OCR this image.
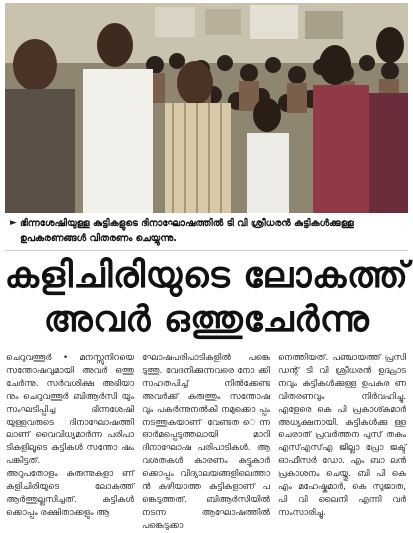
► ഭിന്നശേഷിയുള്ള കുട്ടികളുടെ ദിനാഘോഷത്തിൽ ടി വി ശ്രീധരൻ കുട്ടികൾക്കുള്ള
ഉപകരണങ്ങൾ വിതരണം ചെയ്യുന്നു.
കളിചിരിയുടെ ലോകത്ത്
അവർ ഒത്തുചേർന്നു
ചെറുവത്തൂർ • മനസ്സുനിറയെ സന്തോഷവുമായി അവർ ഒത്തു ചേർന്നു. സർവശിക്ഷ അഭിയാ നും ചെറുവത്തൂർ ബിആർസി യും സംഘടിപ്പിച്ച ഭിന്നശേഷി യുള്ളവരുടെ ദിനാഘോഷത്തി ലാണ് വൈവിധ്യമാർന്ന പരിപാ ടികളിലൂടെ കുട്ടികൾ സന്തോ ഷം പങ്കിട്ടത്.
അറുപതോളം കുരുന്നുകളാ ണ് കളിചിരിയുടെ ലോകത്ത് ആർത്തുല്ലസിച്ചത്. കുട്ടികൾ ക്കൊപ്പം രക്ഷിതാക്കളും ആ
ഘോഷപരിപാടികളിൽ പങ്കെ ടുത്തു. വേദനിക്കുന്നവരെ നോ ക്കി സഹതപിച്ച് നിൽക്കേണ്ട അവർക്ക് കരുത്തും സന്തോഷ വും പകർന്നുനൽകി നമുക്കൊ പ്പം നടത്തുകയാണ് വേണ്ടത െന്ന ഓർമപ്പെടുത്തലായി മാറി ദിനാഘോഷ പരിപാടികൾ. ആ വശതകൾ കാരണം കുട്ടുകാർ ക്കൊപ്പം വിദ്യാലയങ്ങളിലെത്താ ൻ കഴിയാത്ത കുട്ടികളാണ് പ ങ്കെടുത്തത്. ബിആർസിയിൽ നടന്ന ആഘോഷത്തിൽ പങ്കെടുക്കാ
നെത്തിയത്. പഞ്ചായത്ത് പ്രസി ഡന്റ് ടി വി ശ്രീധരൻ ഉദ്ഘാട നവും കുട്ടികൾക്കുള്ള ഉപകര ണ വിതരണവും നിർവഹിച്ചു. എളേരെ കെ പി പ്രകാശ്കുമാർ അധ്യക്ഷനായി. കുട്ടികൾക്കു ള്ള ചെരാത് പ്രവർത്തന പുസ് തകം എസ്എസ്എ ജില്ലാ പ്രോ ജക്ട് ഓഫീസർ ഡോ. എം ബാ ലൻ പ്രകാശനം ചെയ്തു. ബി പി കെ എം മഹേഷ്കുമാർ, കെ സുജാത, പി വി ലൈനി എന്നി വർ സംസാരിച്ചു.
